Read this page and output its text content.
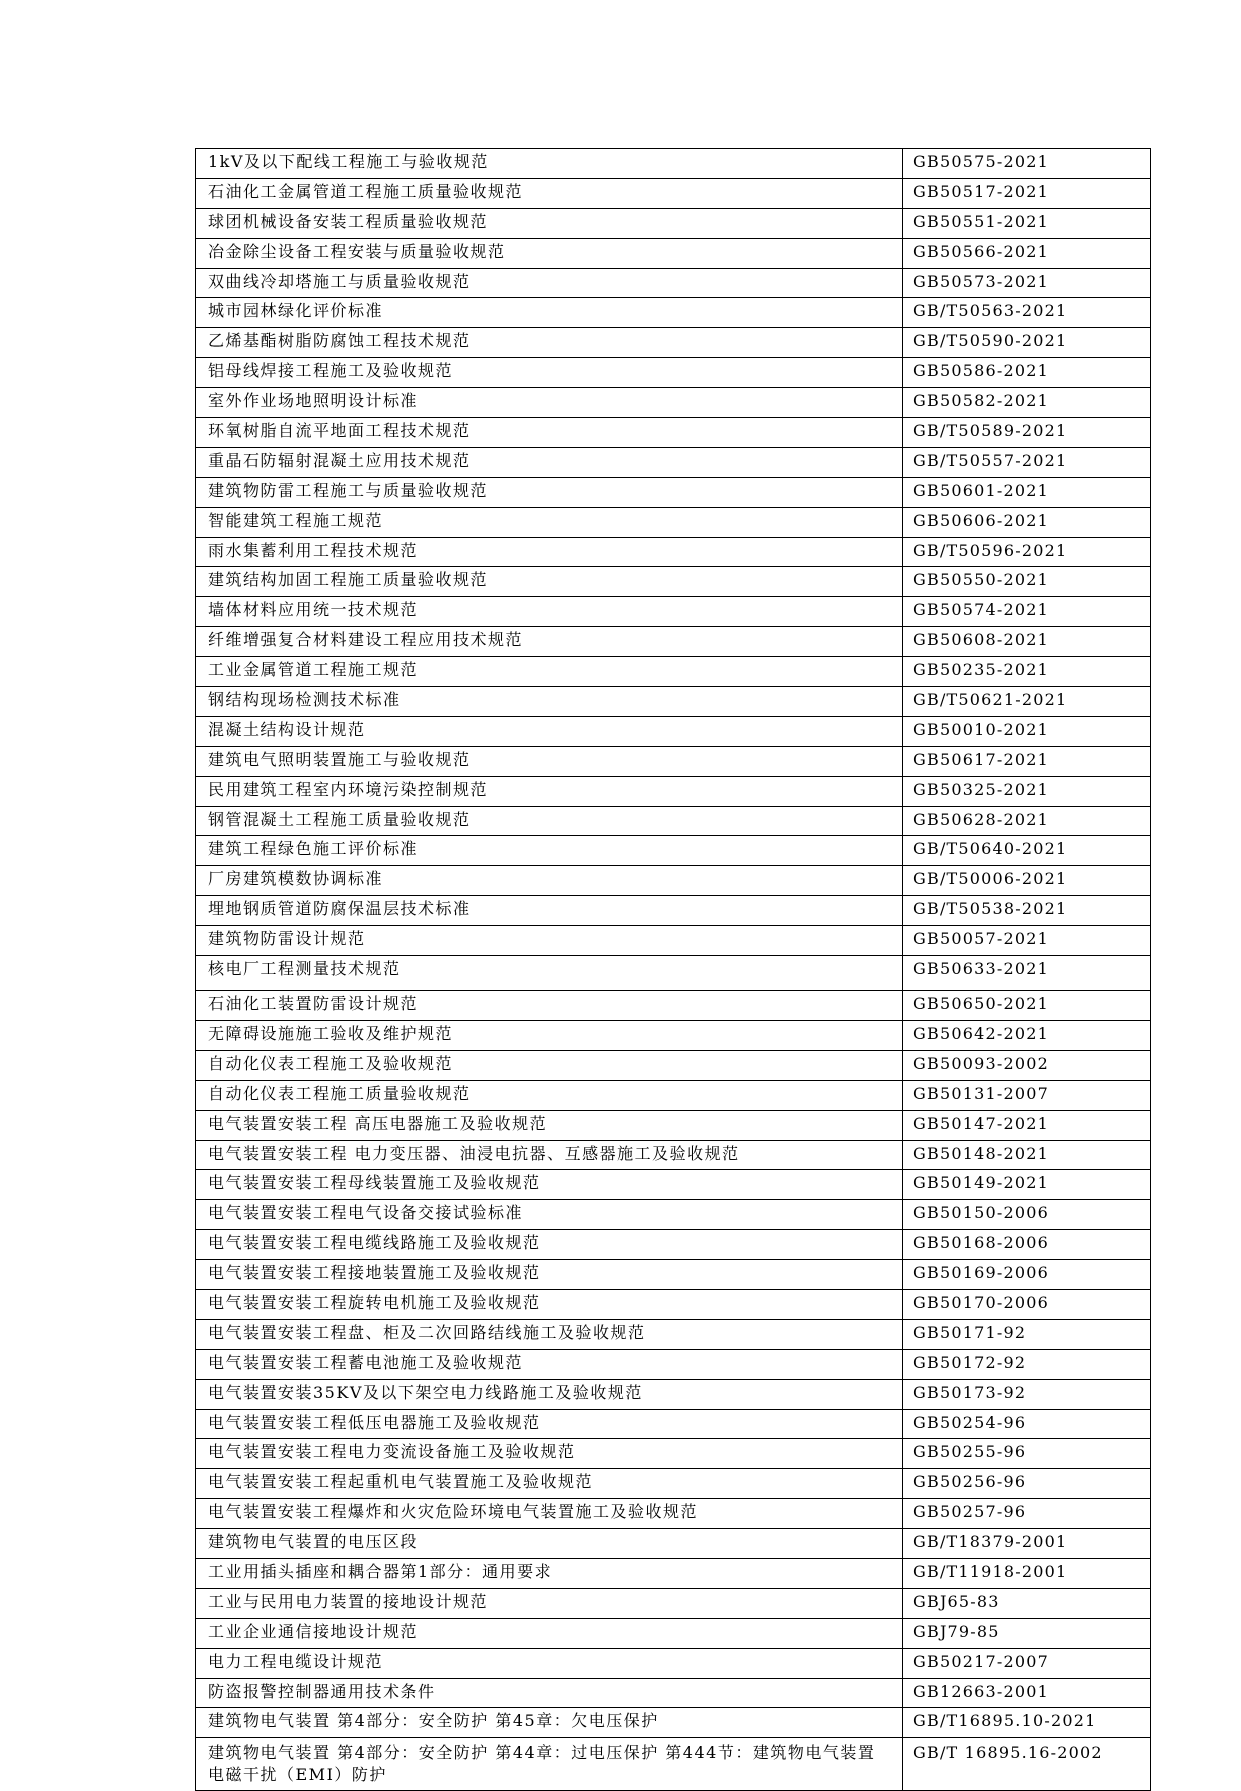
1kV及以下配线工程施工与验收规范	GB50575-2021
石油化工金属管道工程施工质量验收规范	GB50517-2021
球团机械设备安装工程质量验收规范	GB50551-2021
冶金除尘设备工程安装与质量验收规范	GB50566-2021
双曲线冷却塔施工与质量验收规范	GB50573-2021
城市园林绿化评价标准	GB/T50563-2021
乙烯基酯树脂防腐蚀工程技术规范	GB/T50590-2021
铝母线焊接工程施工及验收规范	GB50586-2021
室外作业场地照明设计标准	GB50582-2021
环氧树脂自流平地面工程技术规范	GB/T50589-2021
重晶石防辐射混凝土应用技术规范	GB/T50557-2021
建筑物防雷工程施工与质量验收规范	GB50601-2021
智能建筑工程施工规范	GB50606-2021
雨水集蓄利用工程技术规范	GB/T50596-2021
建筑结构加固工程施工质量验收规范	GB50550-2021
墙体材料应用统一技术规范	GB50574-2021
纤维增强复合材料建设工程应用技术规范	GB50608-2021
工业金属管道工程施工规范	GB50235-2021
钢结构现场检测技术标准	GB/T50621-2021
混凝土结构设计规范	GB50010-2021
建筑电气照明装置施工与验收规范	GB50617-2021
民用建筑工程室内环境污染控制规范	GB50325-2021
钢管混凝土工程施工质量验收规范	GB50628-2021
建筑工程绿色施工评价标准	GB/T50640-2021
厂房建筑模数协调标准	GB/T50006-2021
埋地钢质管道防腐保温层技术标准	GB/T50538-2021
建筑物防雷设计规范	GB50057-2021
核电厂工程测量技术规范	GB50633-2021
石油化工装置防雷设计规范	GB50650-2021
无障碍设施施工验收及维护规范	GB50642-2021
自动化仪表工程施工及验收规范	GB50093-2002
自动化仪表工程施工质量验收规范	GB50131-2007
电气装置安装工程 高压电器施工及验收规范	GB50147-2021
电气装置安装工程 电力变压器、油浸电抗器、互感器施工及验收规范	GB50148-2021
电气装置安装工程母线装置施工及验收规范	GB50149-2021
电气装置安装工程电气设备交接试验标准	GB50150-2006
电气装置安装工程电缆线路施工及验收规范	GB50168-2006
电气装置安装工程接地装置施工及验收规范	GB50169-2006
电气装置安装工程旋转电机施工及验收规范	GB50170-2006
电气装置安装工程盘、柜及二次回路结线施工及验收规范	GB50171-92
电气装置安装工程蓄电池施工及验收规范	GB50172-92
电气装置安装35KV及以下架空电力线路施工及验收规范	GB50173-92
电气装置安装工程低压电器施工及验收规范	GB50254-96
电气装置安装工程电力变流设备施工及验收规范	GB50255-96
电气装置安装工程起重机电气装置施工及验收规范	GB50256-96
电气装置安装工程爆炸和火灾危险环境电气装置施工及验收规范	GB50257-96
建筑物电气装置的电压区段	GB/T18379-2001
工业用插头插座和耦合器第1部分：通用要求	GB/T11918-2001
工业与民用电力装置的接地设计规范	GBJ65-83
工业企业通信接地设计规范	GBJ79-85
电力工程电缆设计规范	GB50217-2007
防盗报警控制器通用技术条件	GB12663-2001
建筑物电气装置 第4部分：安全防护 第45章：欠电压保护	GB/T16895.10-2021
建筑物电气装置 第4部分：安全防护 第44章：过电压保护 第444节：建筑物电气装置电磁干扰（EMI）防护	GB/T 16895.16-2002
